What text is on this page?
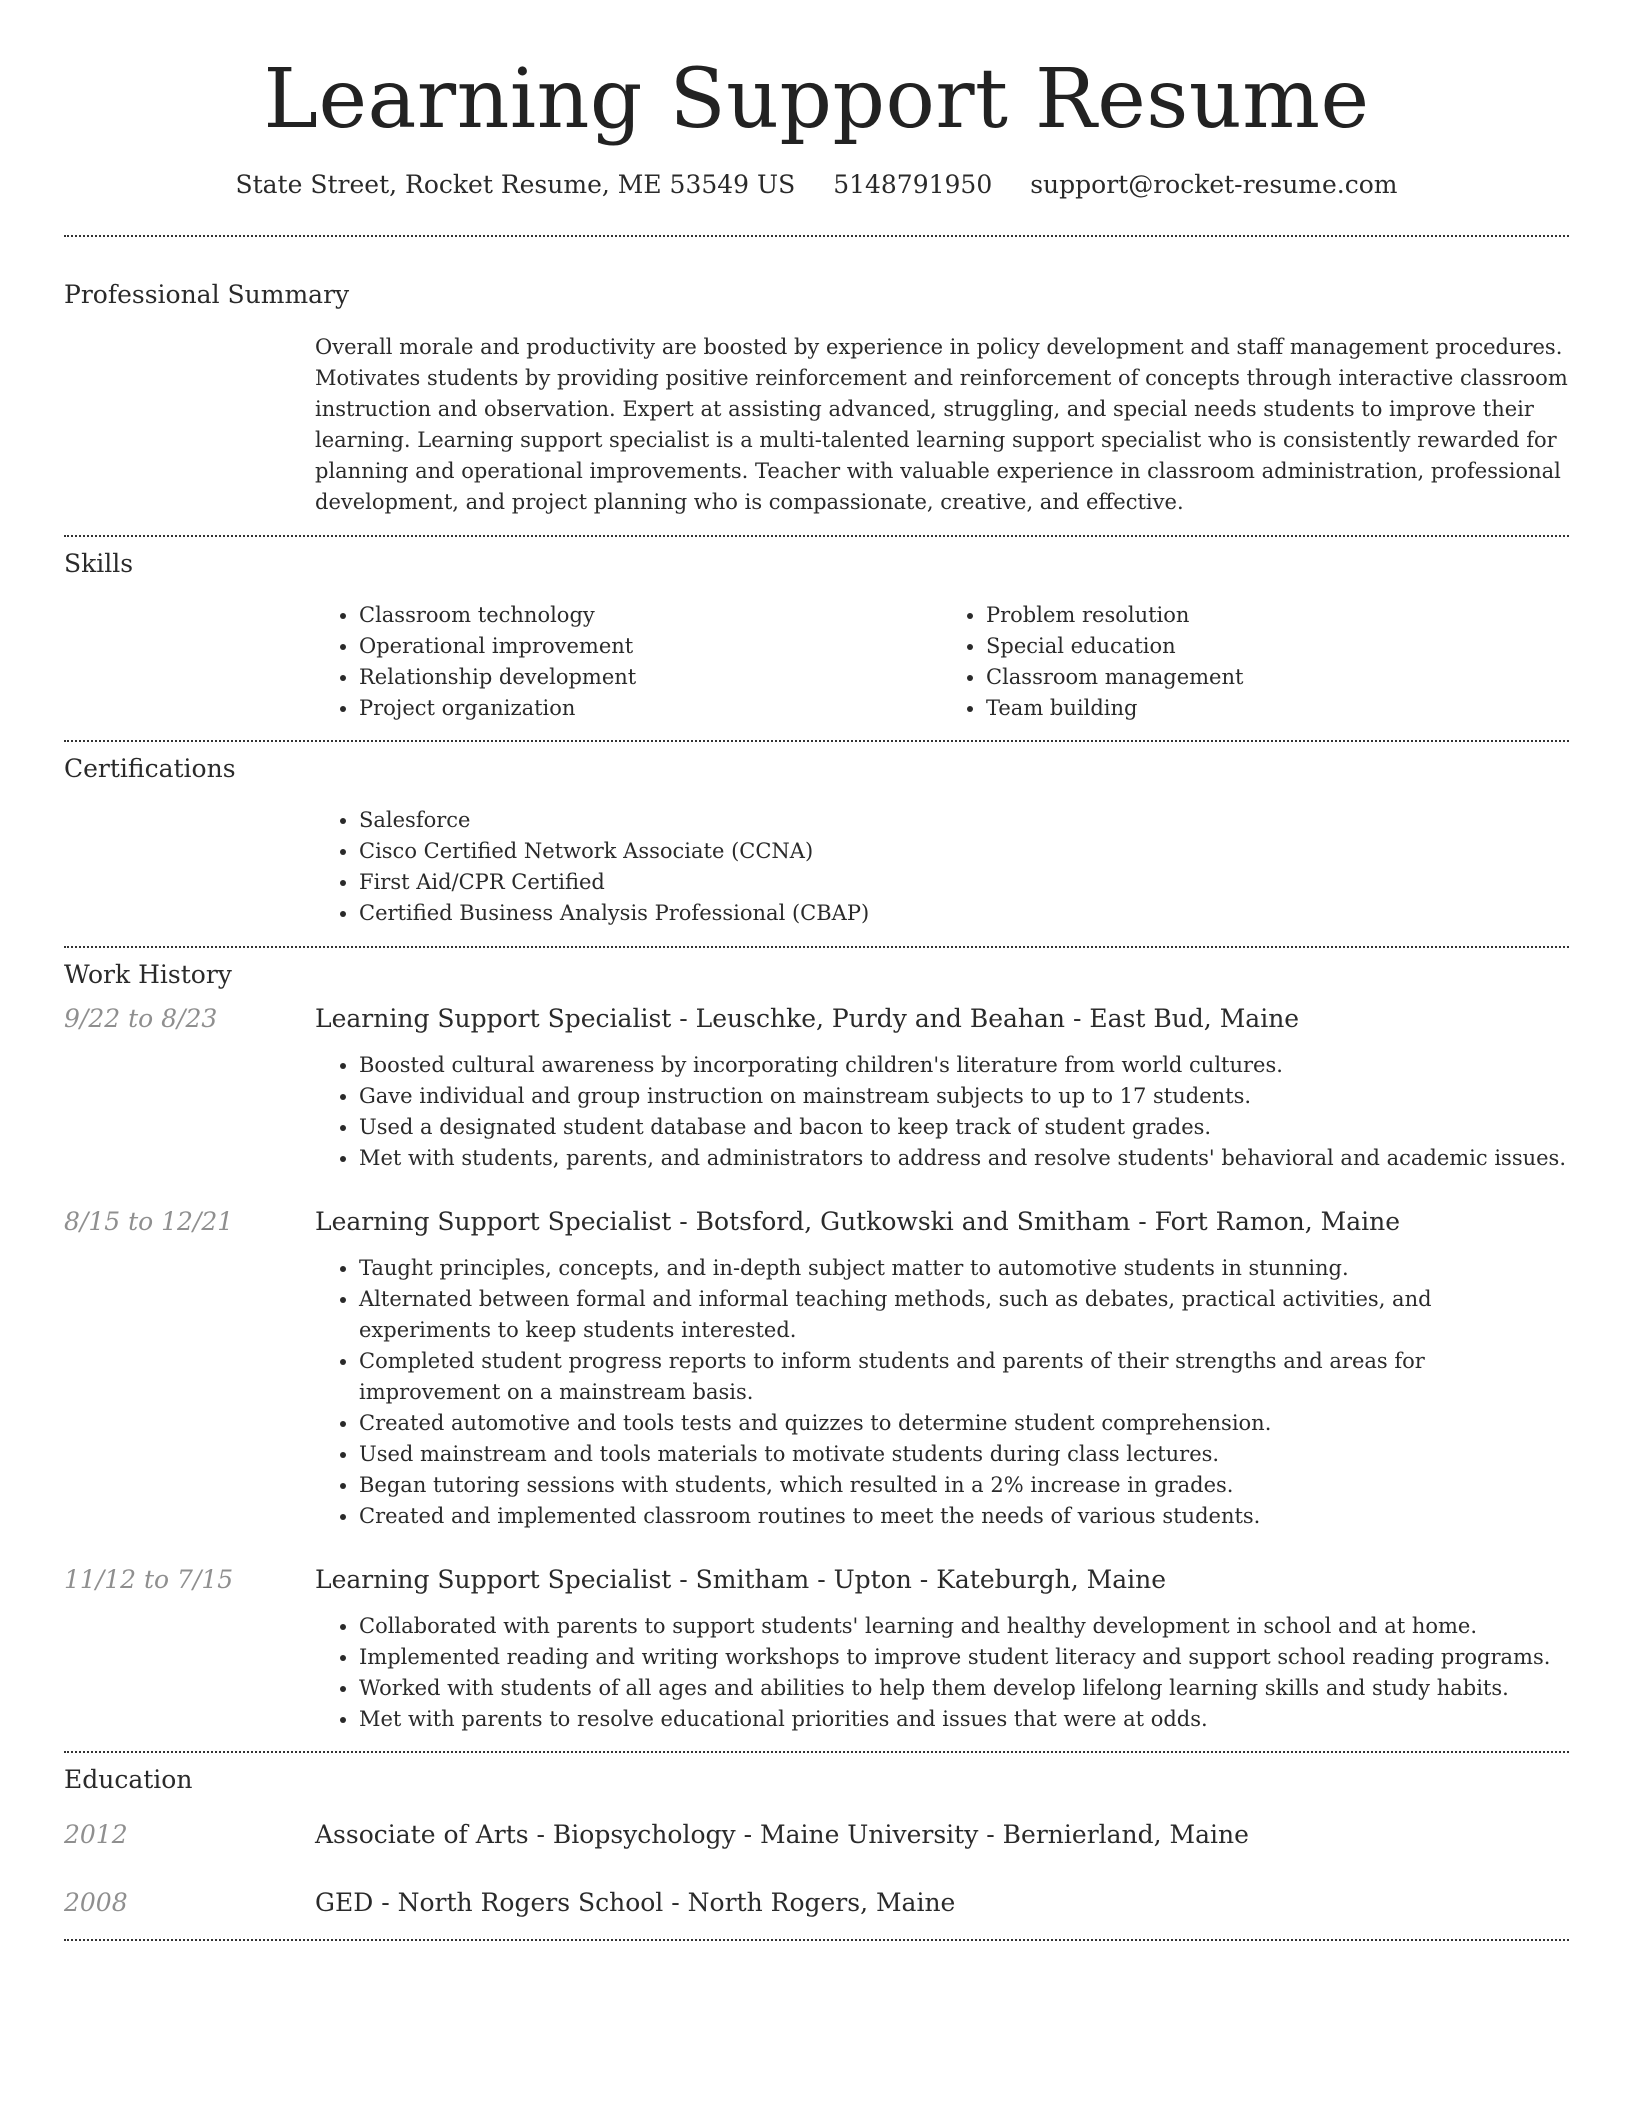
Learning Support Resume
State Street, Rocket Resume, ME 53549 US 5148791950 support@rocket-resume.com
Professional Summary
Overall morale and productivity are boosted by experience in policy development and staff management procedures. Motivates students by providing positive reinforcement and reinforcement of concepts through interactive classroom instruction and observation. Expert at assisting advanced, struggling, and special needs students to improve their learning. Learning support specialist is a multi-talented learning support specialist who is consistently rewarded for planning and operational improvements. Teacher with valuable experience in classroom administration, professional development, and project planning who is compassionate, creative, and effective.
Skills
• Classroom technology
• Operational improvement
• Relationship development
• Project organization
• Problem resolution
• Special education
• Classroom management
• Team building
Certifications
• Salesforce
• Cisco Certified Network Associate (CCNA)
• First Aid/CPR Certified
• Certified Business Analysis Professional (CBAP)
Work History
9/22 to 8/23	Learning Support Specialist - Leuschke, Purdy and Beahan - East Bud, Maine
• Boosted cultural awareness by incorporating children's literature from world cultures.
• Gave individual and group instruction on mainstream subjects to up to 17 students.
• Used a designated student database and bacon to keep track of student grades.
• Met with students, parents, and administrators to address and resolve students' behavioral and academic issues.
8/15 to 12/21	Learning Support Specialist - Botsford, Gutkowski and Smitham - Fort Ramon, Maine
• Taught principles, concepts, and in-depth subject matter to automotive students in stunning.
• Alternated between formal and informal teaching methods, such as debates, practical activities, and experiments to keep students interested.
• Completed student progress reports to inform students and parents of their strengths and areas for improvement on a mainstream basis.
• Created automotive and tools tests and quizzes to determine student comprehension.
• Used mainstream and tools materials to motivate students during class lectures.
• Began tutoring sessions with students, which resulted in a 2% increase in grades.
• Created and implemented classroom routines to meet the needs of various students.
11/12 to 7/15	Learning Support Specialist - Smitham - Upton - Kateburgh, Maine
• Collaborated with parents to support students' learning and healthy development in school and at home.
• Implemented reading and writing workshops to improve student literacy and support school reading programs.
• Worked with students of all ages and abilities to help them develop lifelong learning skills and study habits.
• Met with parents to resolve educational priorities and issues that were at odds.
Education
2012	Associate of Arts - Biopsychology - Maine University - Bernierland, Maine
2008	GED - North Rogers School - North Rogers, Maine
